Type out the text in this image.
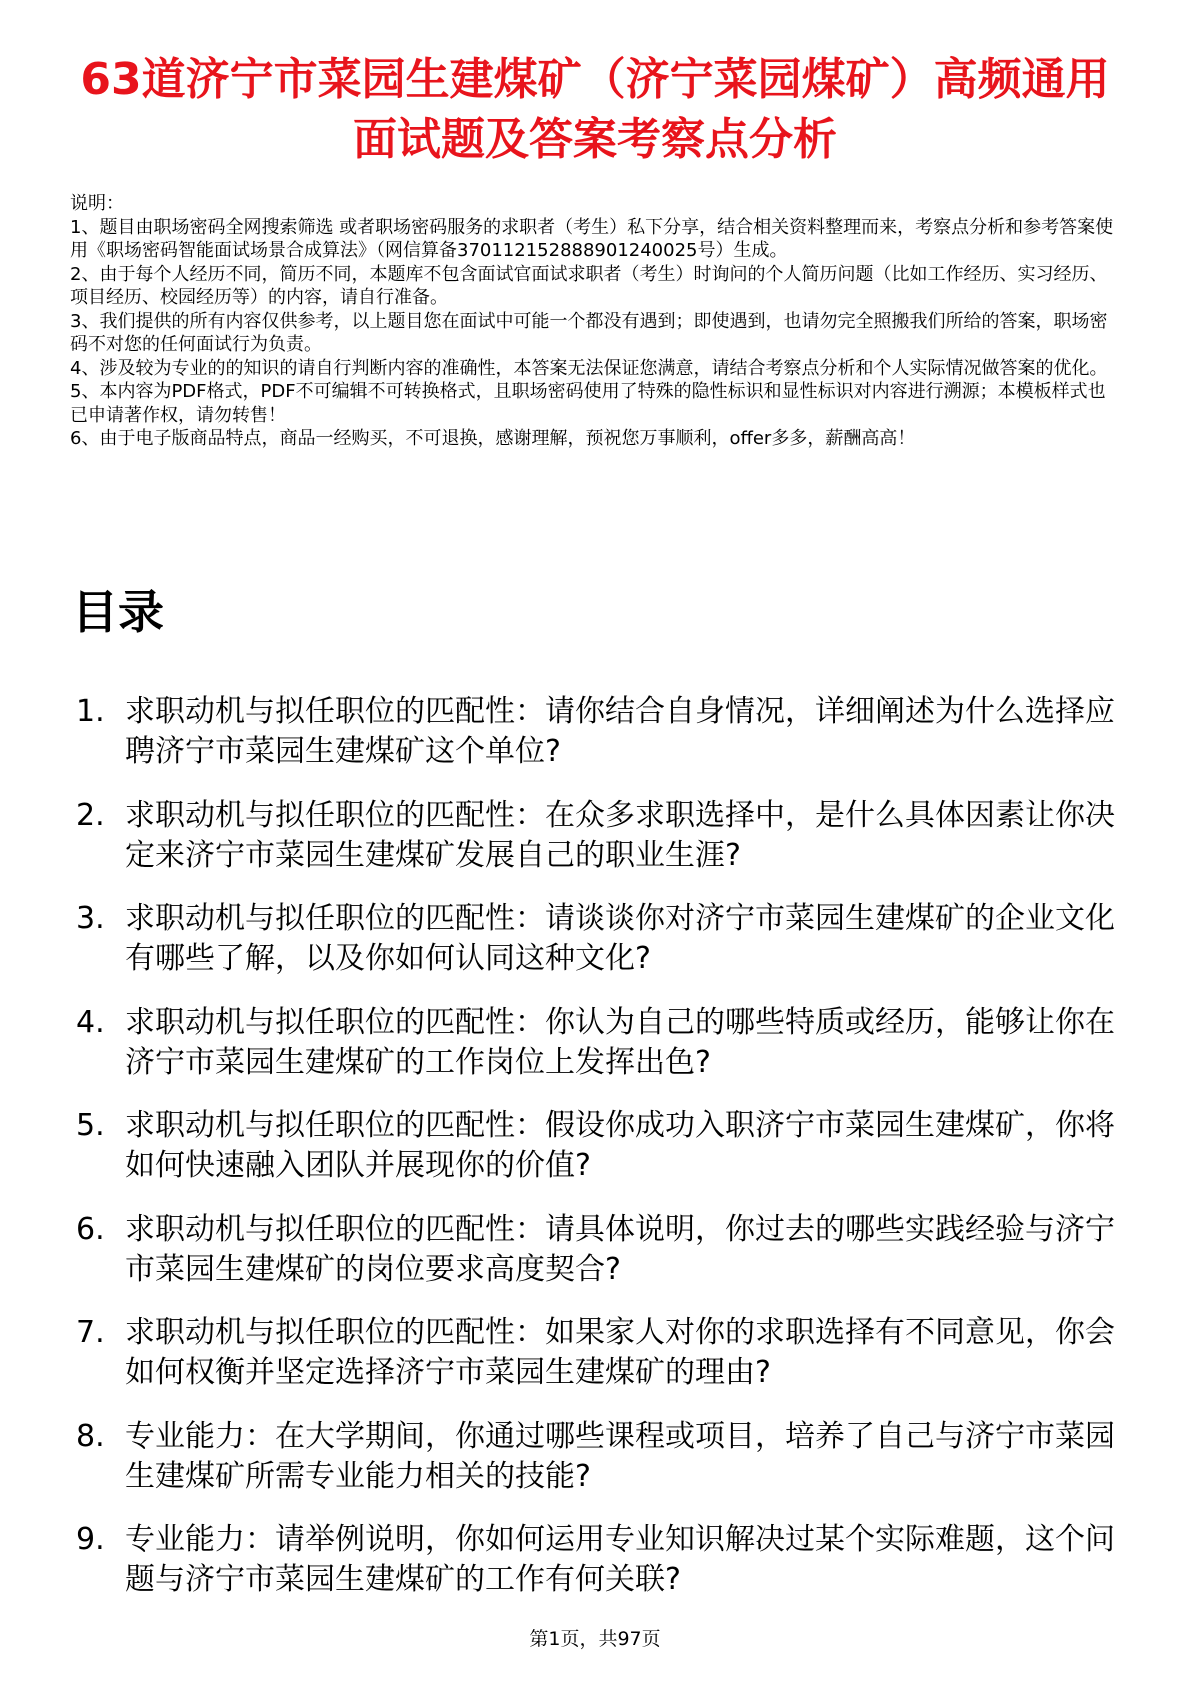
63道济宁市菜园生建煤矿（济宁菜园煤矿）高频通用面试题及答案考察点分析

说明：

1、题目由职场密码全网搜索筛选 或者职场密码服务的求职者（考生）私下分享，结合相关资料整理而来，考察点分析和参考答案使用《职场密码智能面试场景合成算法》（网信算备370112152888901240025号）生成。

2、由于每个人经历不同，简历不同，本题库不包含面试官面试求职者（考生）时询问的个人简历问题（比如工作经历、实习经历、项目经历、校园经历等）的内容，请自行准备。

3、我们提供的所有内容仅供参考，以上题目您在面试中可能一个都没有遇到；即使遇到，也请勿完全照搬我们所给的答案，职场密码不对您的任何面试行为负责。

4、涉及较为专业的的知识的请自行判断内容的准确性，本答案无法保证您满意，请结合考察点分析和个人实际情况做答案的优化。

5、本内容为PDF格式，PDF不可编辑不可转换格式，且职场密码使用了特殊的隐性标识和显性标识对内容进行溯源；本模板样式也已申请著作权，请勿转售！

6、由于电子版商品特点，商品一经购买，不可退换，感谢理解，预祝您万事顺利，offer多多，薪酬高高！

目录
1. 求职动机与拟任职位的匹配性：请你结合自身情况，详细阐述为什么选择应聘济宁市菜园生建煤矿这个单位?
2. 求职动机与拟任职位的匹配性：在众多求职选择中，是什么具体因素让你决定来济宁市菜园生建煤矿发展自己的职业生涯?
3. 求职动机与拟任职位的匹配性：请谈谈你对济宁市菜园生建煤矿的企业文化有哪些了解，以及你如何认同这种文化?
4. 求职动机与拟任职位的匹配性：你认为自己的哪些特质或经历，能够让你在济宁市菜园生建煤矿的工作岗位上发挥出色?
5. 求职动机与拟任职位的匹配性：假设你成功入职济宁市菜园生建煤矿，你将如何快速融入团队并展现你的价值?
6. 求职动机与拟任职位的匹配性：请具体说明，你过去的哪些实践经验与济宁市菜园生建煤矿的岗位要求高度契合?
7. 求职动机与拟任职位的匹配性：如果家人对你的求职选择有不同意见，你会如何权衡并坚定选择济宁市菜园生建煤矿的理由?
8. 专业能力：在大学期间，你通过哪些课程或项目，培养了自己与济宁市菜园生建煤矿所需专业能力相关的技能?
9. 专业能力：请举例说明，你如何运用专业知识解决过某个实际难题，这个问题与济宁市菜园生建煤矿的工作有何关联?
第1页，共97页
